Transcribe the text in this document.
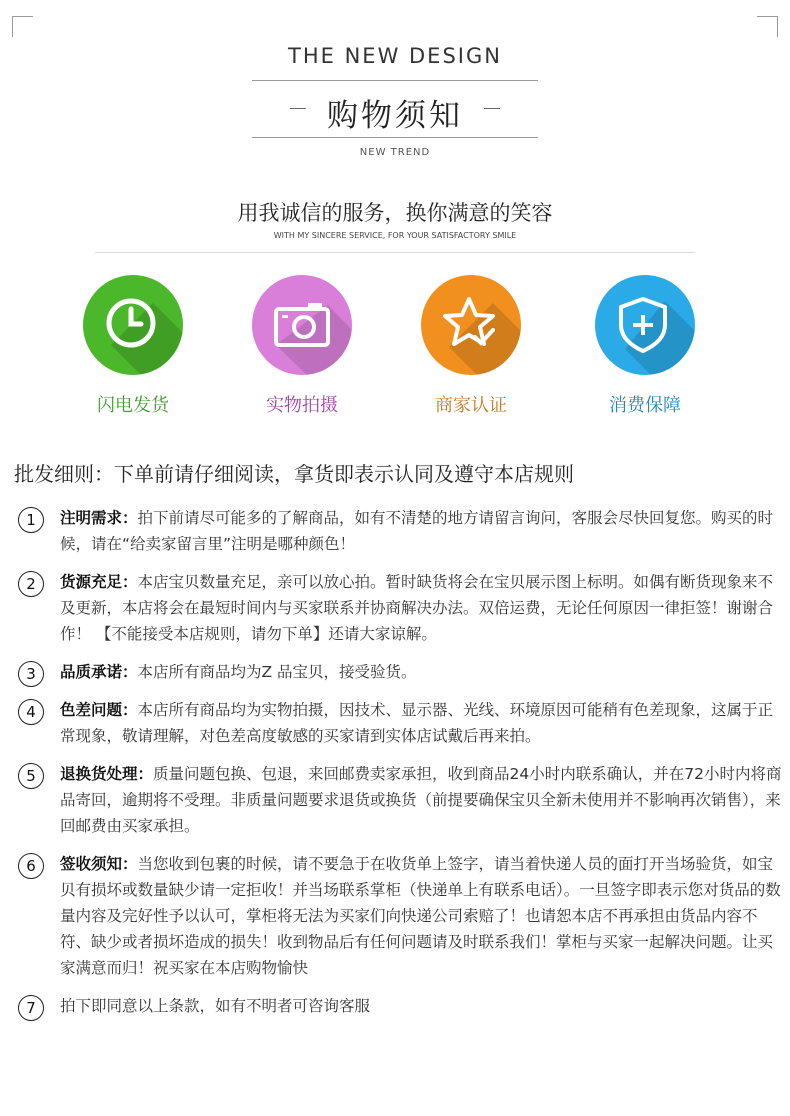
THE NEW DESIGN
购物须知
NEW TREND
用我诚信的服务，换你满意的笑容
WITH MY SINCERE SERVICE, FOR YOUR SATISFACTORY SMILE
闪电发货	实物拍摄	商家认证	消费保障
批发细则：下单前请仔细阅读，拿货即表示认同及遵守本店规则
1	注明需求：拍下前请尽可能多的了解商品，如有不清楚的地方请留言询问，客服会尽快回复您。购买的时候，请在“给卖家留言里”注明是哪种颜色！
2	货源充足：本店宝贝数量充足，亲可以放心拍。暂时缺货将会在宝贝展示图上标明。如偶有断货现象来不及更新，本店将会在最短时间内与买家联系并协商解决办法。双倍运费，无论任何原因一律拒签！谢谢合作！ 【不能接受本店规则，请勿下单】还请大家谅解。
3	品质承诺：本店所有商品均为Z 品宝贝，接受验货。
4	色差问题：本店所有商品均为实物拍摄，因技术、显示器、光线、环境原因可能稍有色差现象，这属于正常现象，敬请理解，对色差高度敏感的买家请到实体店试戴后再来拍。
5	退换货处理：质量问题包换、包退，来回邮费卖家承担，收到商品24小时内联系确认，并在72小时内将商品寄回，逾期将不受理。非质量问题要求退货或换货（前提要确保宝贝全新未使用并不影响再次销售），来回邮费由买家承担。
6	签收须知：当您收到包裹的时候，请不要急于在收货单上签字，请当着快递人员的面打开当场验货，如宝贝有损坏或数量缺少请一定拒收！并当场联系掌柜（快递单上有联系电话）。一旦签字即表示您对货品的数量内容及完好性予以认可，掌柜将无法为买家们向快递公司索赔了！也请恕本店不再承担由货品内容不符、缺少或者损坏造成的损失！收到物品后有任何问题请及时联系我们！掌柜与买家一起解决问题。让买家满意而归！祝买家在本店购物愉快
7	拍下即同意以上条款，如有不明者可咨询客服
